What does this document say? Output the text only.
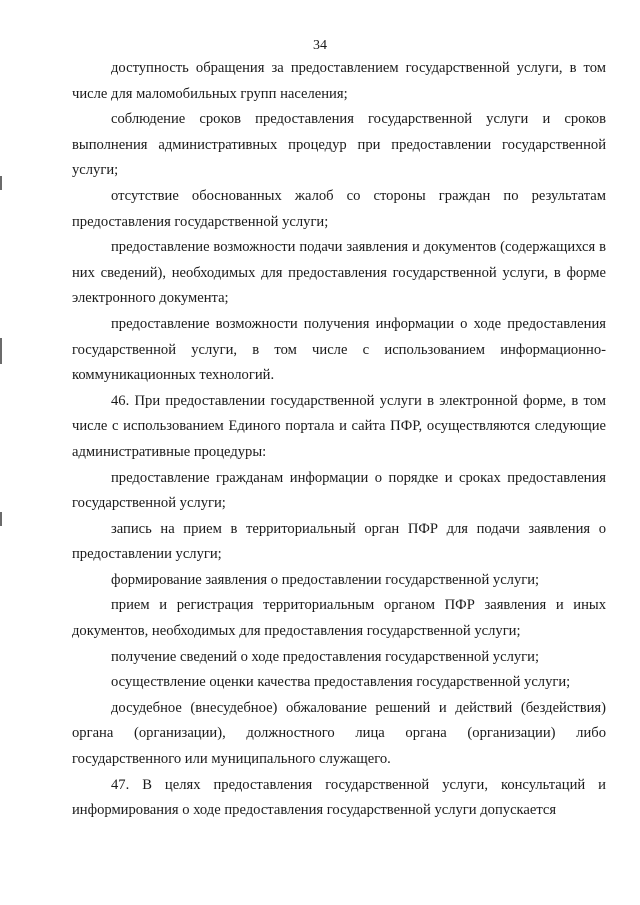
34

доступность обращения за предоставлением государственной услуги, в том числе для маломобильных групп населения;

соблюдение сроков предоставления государственной услуги и сроков выполнения административных процедур при предоставлении государственной услуги;

отсутствие обоснованных жалоб со стороны граждан по результатам предоставления государственной услуги;

предоставление возможности подачи заявления и документов (содержащихся в них сведений), необходимых для предоставления государственной услуги, в форме электронного документа;

предоставление возможности получения информации о ходе предоставления государственной услуги, в том числе с использованием информационно-коммуникационных технологий.

46. При предоставлении государственной услуги в электронной форме, в том числе с использованием Единого портала и сайта ПФР, осуществляются следующие административные процедуры:

предоставление гражданам информации о порядке и сроках предоставления государственной услуги;

запись на прием в территориальный орган ПФР для подачи заявления о предоставлении услуги;

формирование заявления о предоставлении государственной услуги;

прием и регистрация территориальным органом ПФР заявления и иных документов, необходимых для предоставления государственной услуги;

получение сведений о ходе предоставления государственной услуги;

осуществление оценки качества предоставления государственной услуги;

досудебное (внесудебное) обжалование решений и действий (бездействия) органа (организации), должностного лица органа (организации) либо государственного или муниципального служащего.

47. В целях предоставления государственной услуги, консультаций и информирования о ходе предоставления государственной услуги допускается
